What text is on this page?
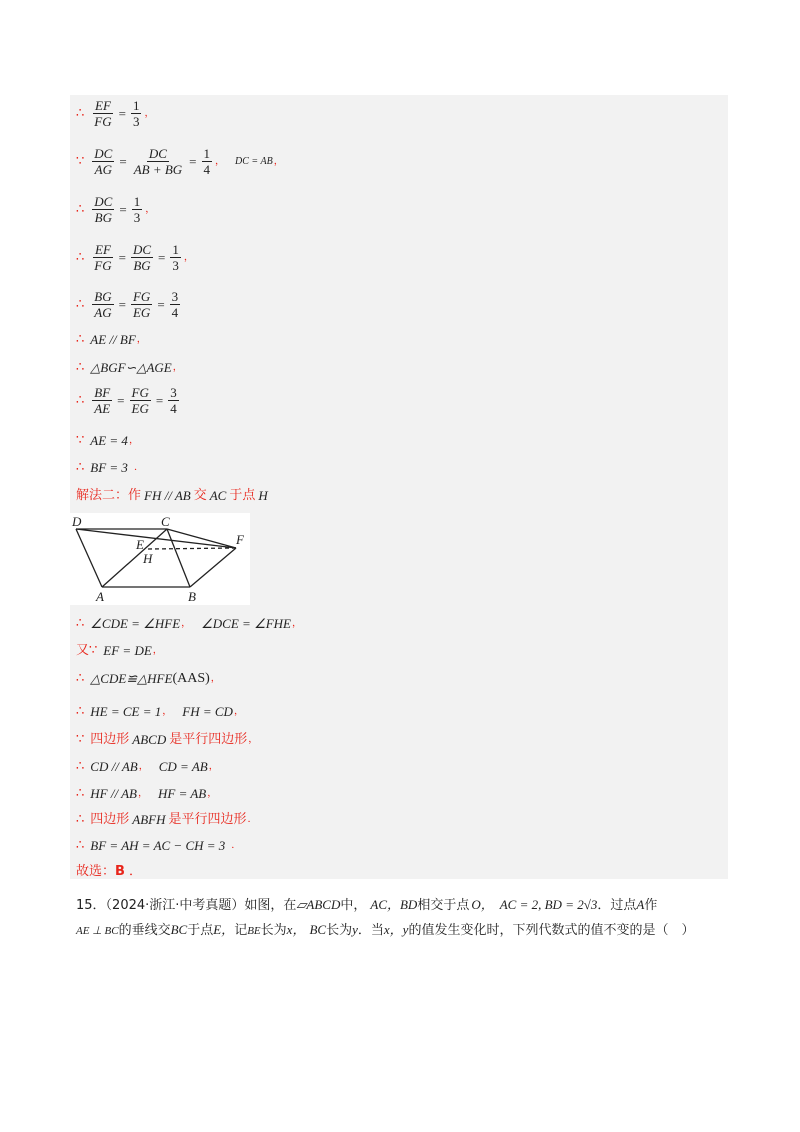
∴ $\frac{EF}{FG} = \frac{1}{3}$ ，
∵ $\frac{DC}{AG} = \frac{DC}{AB + BG} = \frac{1}{4}$ ， DC = AB ，
∴ $\frac{DC}{BG} = \frac{1}{3}$ ，
∴ $\frac{EF}{FG} = \frac{DC}{BG} = \frac{1}{3}$ ，
∴ $\frac{BG}{AG} = \frac{FG}{EG} = \frac{3}{4}$
∴ AE // BF ，
∴ △BGF∽△AGE ，
∴ $\frac{BF}{AE} = \frac{FG}{EG} = \frac{3}{4}$
∵ AE = 4 ，
∴ BF = 3 ．
解法二：作 FH // AB 交 AC 于点 H
D	C
E	F
H
A	B
∴ ∠CDE = ∠HFE ， ∠DCE = ∠FHE ，
又 ∵ EF = DE ，
∴ △CDE≌△HFE (AAS) ，
∴ HE = CE = 1 ， FH = CD ，
∵ 四边形 ABCD 是平行四边形 ，
∴ CD // AB ， CD = AB ，
∴ HF // AB ， HF = AB ，
∴ 四边形 ABFH 是平行四边形 ．
∴ BF = AH = AC − CH = 3 ．
故选： B ．
15．（2024·浙江·中考真题）如图，在▱ABCD中， AC，BD相交于点 O， AC = 2, BD = 2√3．过点A作
AE ⊥ BC的垂线交BC于点E，记BE长为x， BC长为y．当x，y的值发生变化时，下列代数式的值不变的是（　）
